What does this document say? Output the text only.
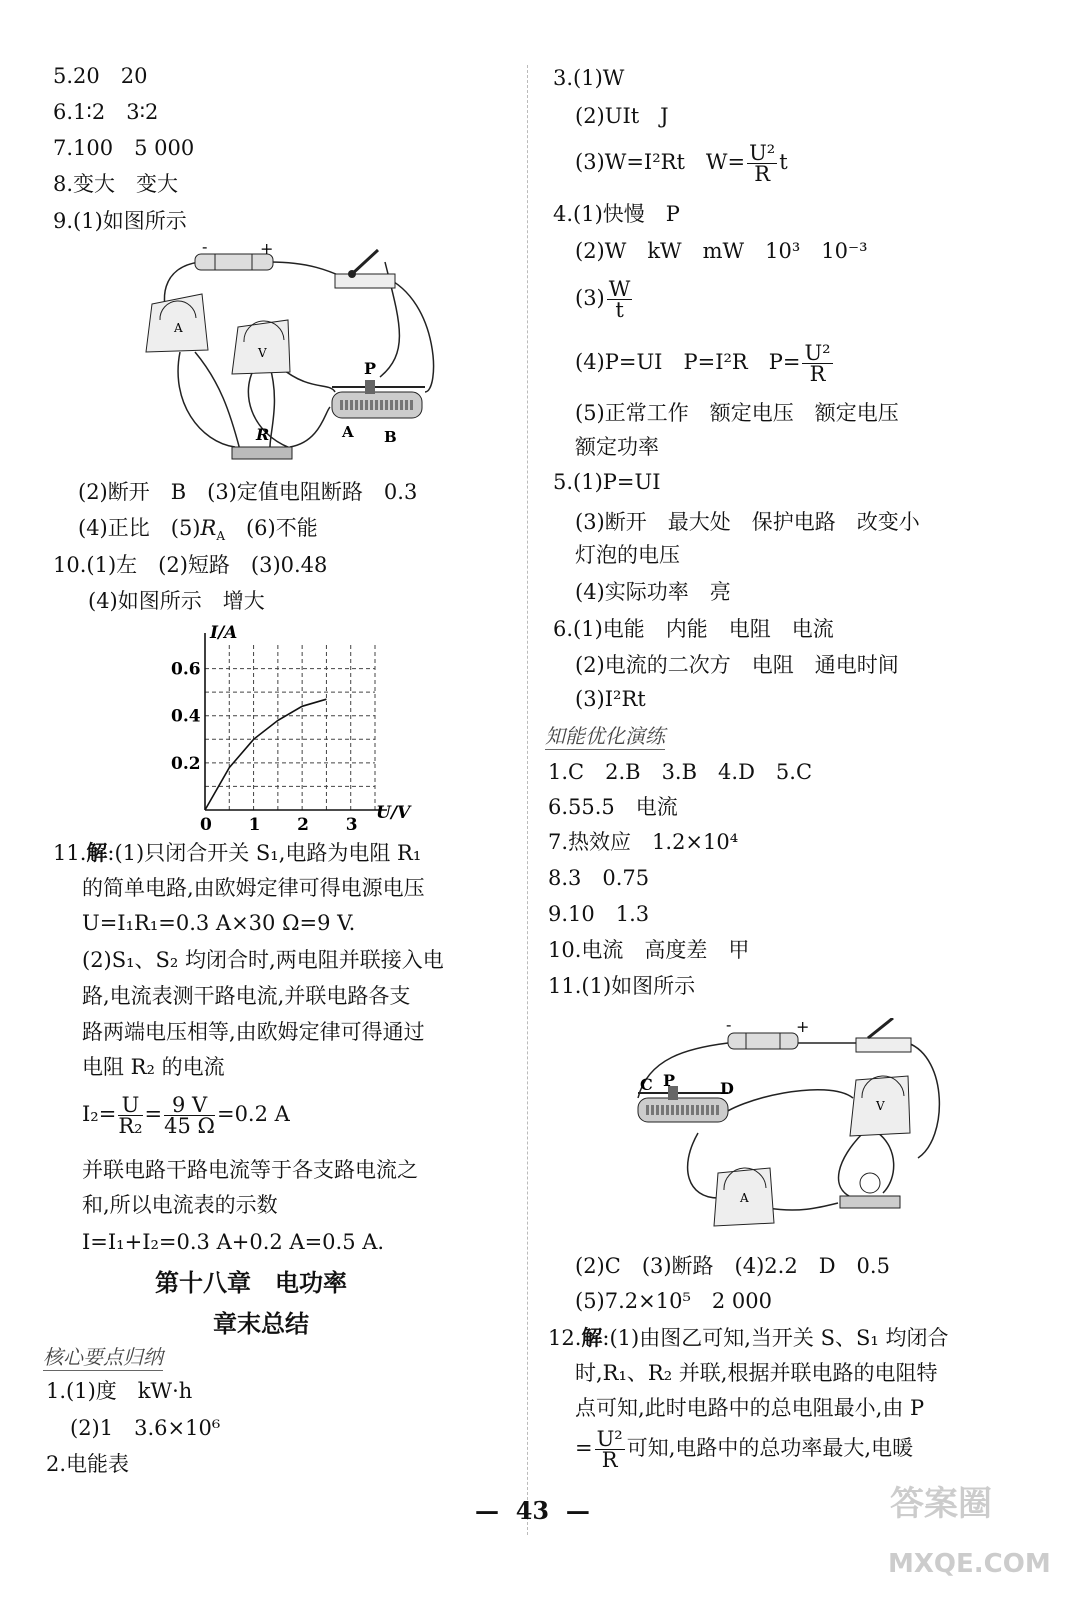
5.20　20
6.1∶2　3∶2
7.100　5 000
8.变大　变大
9.(1)如图所示
-	+
A
V
P
A B
R
(2)断开　B　(3)定值电阻断路　0.3
(4)正比　$(5)R_A$　(6)不能
10.(1)左　(2)短路　(3)0.48
(4)如图所示　增大
0 1 2 3
0.2
0.4
0.6
I/A
U/V
11.解:(1)只闭合开关 S₁,电路为电阻 R₁
的简单电路,由欧姆定律可得电源电压
U=I₁R₁=0.3 A×30 Ω=9 V.
(2)S₁、S₂ 均闭合时,两电阻并联接入电
路,电流表测干路电流,并联电路各支
路两端电压相等,由欧姆定律可得通过
电阻 R₂ 的电流
$I_2= \frac{U}{\text{R₂}} = \frac{9 V}{45 \Omega} =0.2$ A
并联电路干路电流等于各支路电流之
和,所以电流表的示数
I=I₁+I₂=0.3 A+0.2 A=0.5 A.
第十八章　电功率
章末总结
核心要点归纳
1.(1)度　kW·h
(2)1　3.6×10⁶
2.电能表
3.(1)W
(2)UIt　J
(3)W=I²Rt　$W= \frac{\text{U²}}{R}$ t
4.(1)快慢　P
(2)W　kW　mW　10³　10⁻³
$(3) \frac{W}{t}$
(4)P=UI　P=I²R　$P= \frac{\text{U²}}{R}$
(5)正常工作　额定电压　额定电压
额定功率
5.(1)P=UI
(3)断开　最大处　保护电路　改变小
灯泡的电压
(4)实际功率　亮
6.(1)电能　内能　电阻　电流
(2)电流的二次方　电阻　通电时间
(3)I²Rt
知能优化演练
1.C　2.B　3.B　4.D　5.C
6.55.5　电流
7.热效应　1.2×10⁴
8.3　0.75
9.10　1.3
10.电流　高度差　甲
11.(1)如图所示
-	+
C P	D
V
A
(2)C　(3)断路　(4)2.2　D　0.5
(5)7.2×10⁵　2 000
12.解:(1)由图乙可知,当开关 S、S₁ 均闭合
时,R₁、R₂ 并联,根据并联电路的电阻特
点可知,此时电路中的总电阻最小,由 P
= $\frac{\text{U²}}{R}$ 可知,电路中的总功率最大,电暖
— 43 —	答案圈
MXQE.COM
